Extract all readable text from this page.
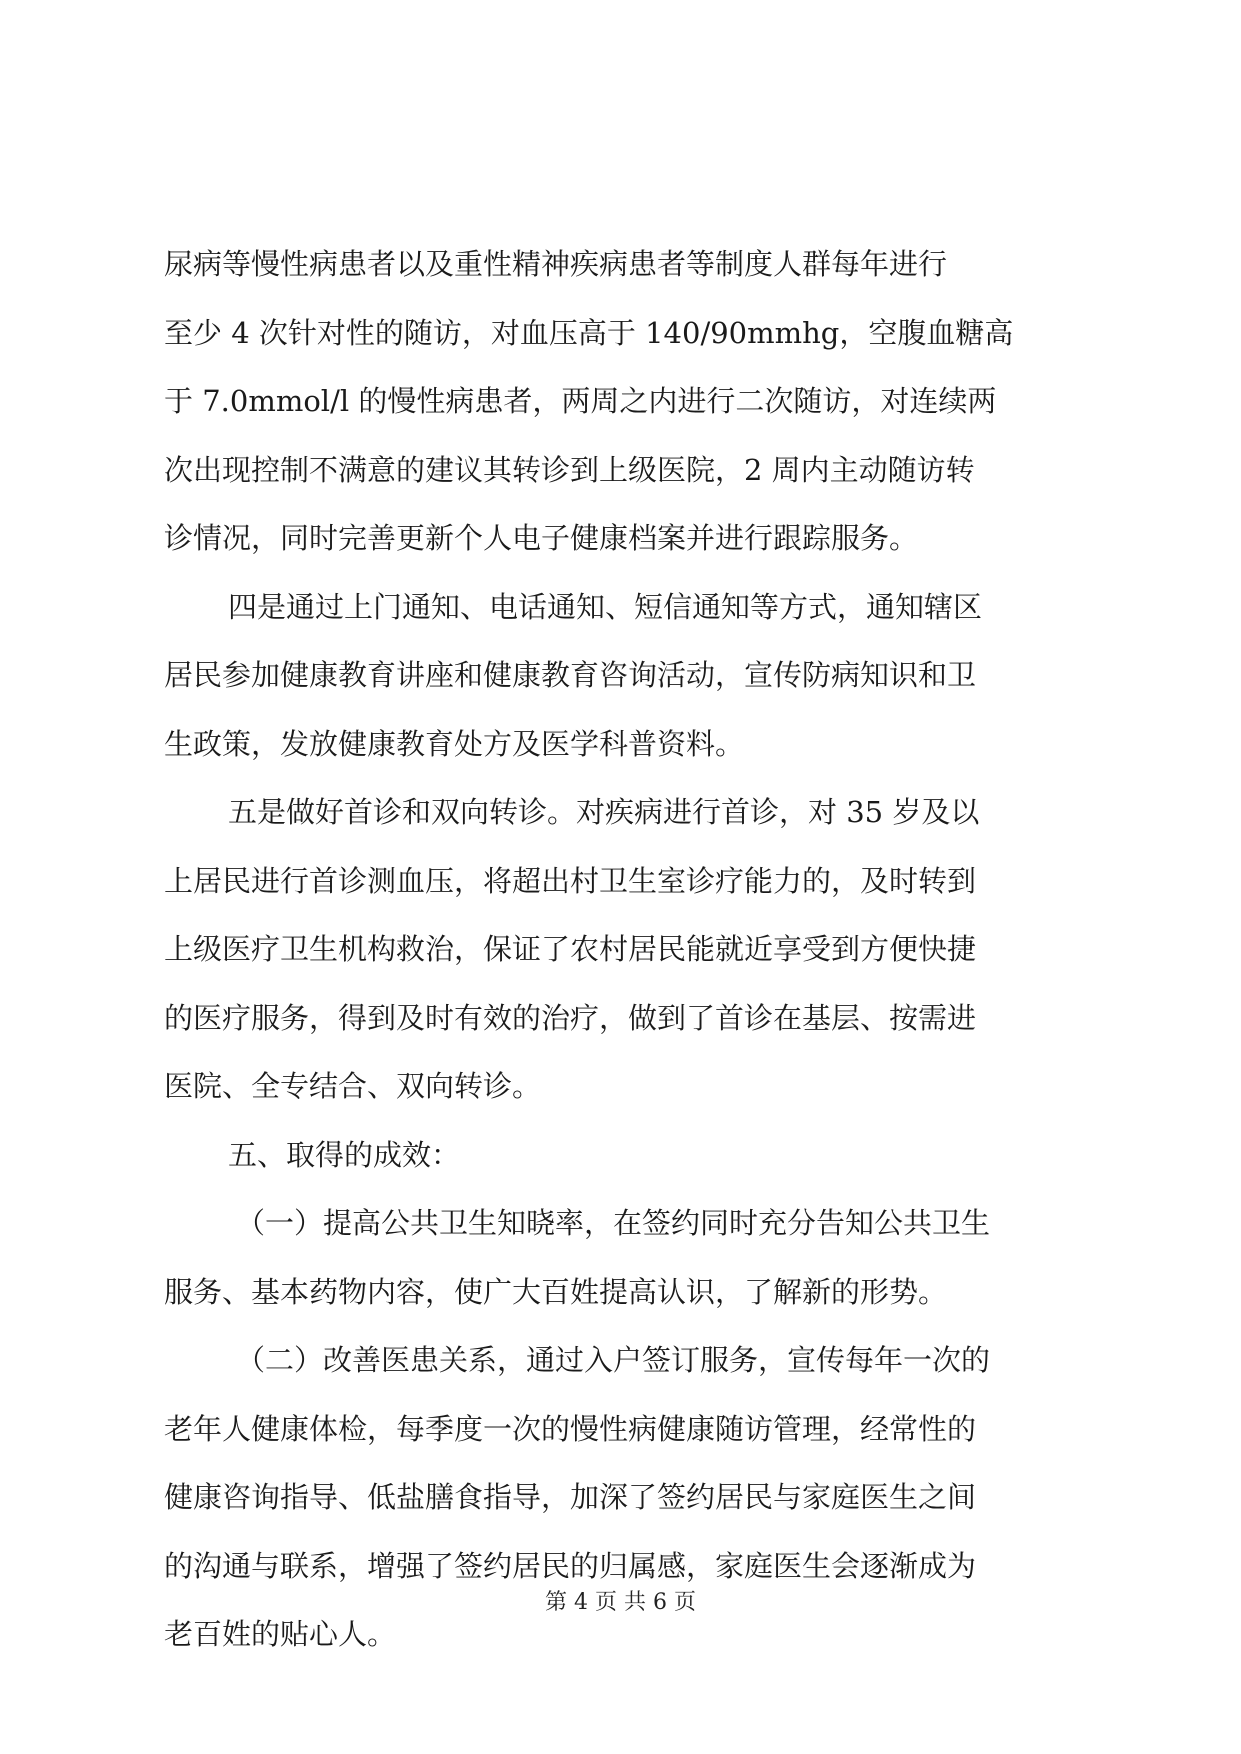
尿病等慢性病患者以及重性精神疾病患者等制度人群每年进行
至少 4 次针对性的随访，对血压高于 140/90mmhg，空腹血糖高
于 7.0mmol/l 的慢性病患者，两周之内进行二次随访，对连续两
次出现控制不满意的建议其转诊到上级医院，2 周内主动随访转
诊情况，同时完善更新个人电子健康档案并进行跟踪服务。
四是通过上门通知、电话通知、短信通知等方式，通知辖区
居民参加健康教育讲座和健康教育咨询活动，宣传防病知识和卫
生政策，发放健康教育处方及医学科普资料。
五是做好首诊和双向转诊。对疾病进行首诊，对 35 岁及以
上居民进行首诊测血压，将超出村卫生室诊疗能力的，及时转到
上级医疗卫生机构救治，保证了农村居民能就近享受到方便快捷
的医疗服务，得到及时有效的治疗，做到了首诊在基层、按需进
医院、全专结合、双向转诊。
五、取得的成效：
（一）提高公共卫生知晓率，在签约同时充分告知公共卫生
服务、基本药物内容，使广大百姓提高认识，了解新的形势。
（二）改善医患关系，通过入户签订服务，宣传每年一次的
老年人健康体检，每季度一次的慢性病健康随访管理，经常性的
健康咨询指导、低盐膳食指导，加深了签约居民与家庭医生之间
的沟通与联系，增强了签约居民的归属感，家庭医生会逐渐成为
老百姓的贴心人。
第 4 页 共 6 页
